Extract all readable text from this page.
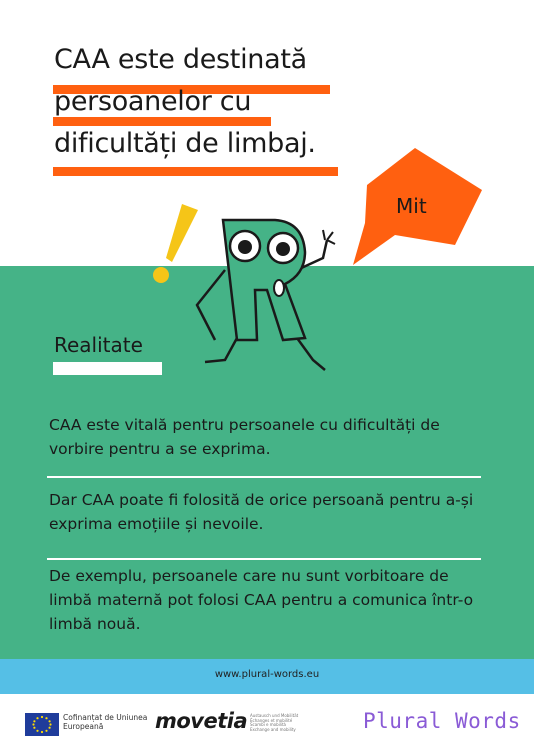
CAA este destinată
persoanelor cu
dificultăți de limbaj.
Mit
Realitate
CAA este vitală pentru persoanele cu dificultăți de vorbire pentru a se exprima.
Dar CAA poate fi folosită de orice persoană pentru a-și exprima emoțiile și nevoile.
De exemplu, persoanele care nu sunt vorbitoare de limbă maternă pot folosi CAA pentru a comunica într-o limbă nouă.
www.plural-words.eu
Cofinanțat de Uniunea Europeană	movetia Austausch und Mobilität
Échanges et mobilité
Scambi e mobilità
Exchange and mobility	Plural Words
